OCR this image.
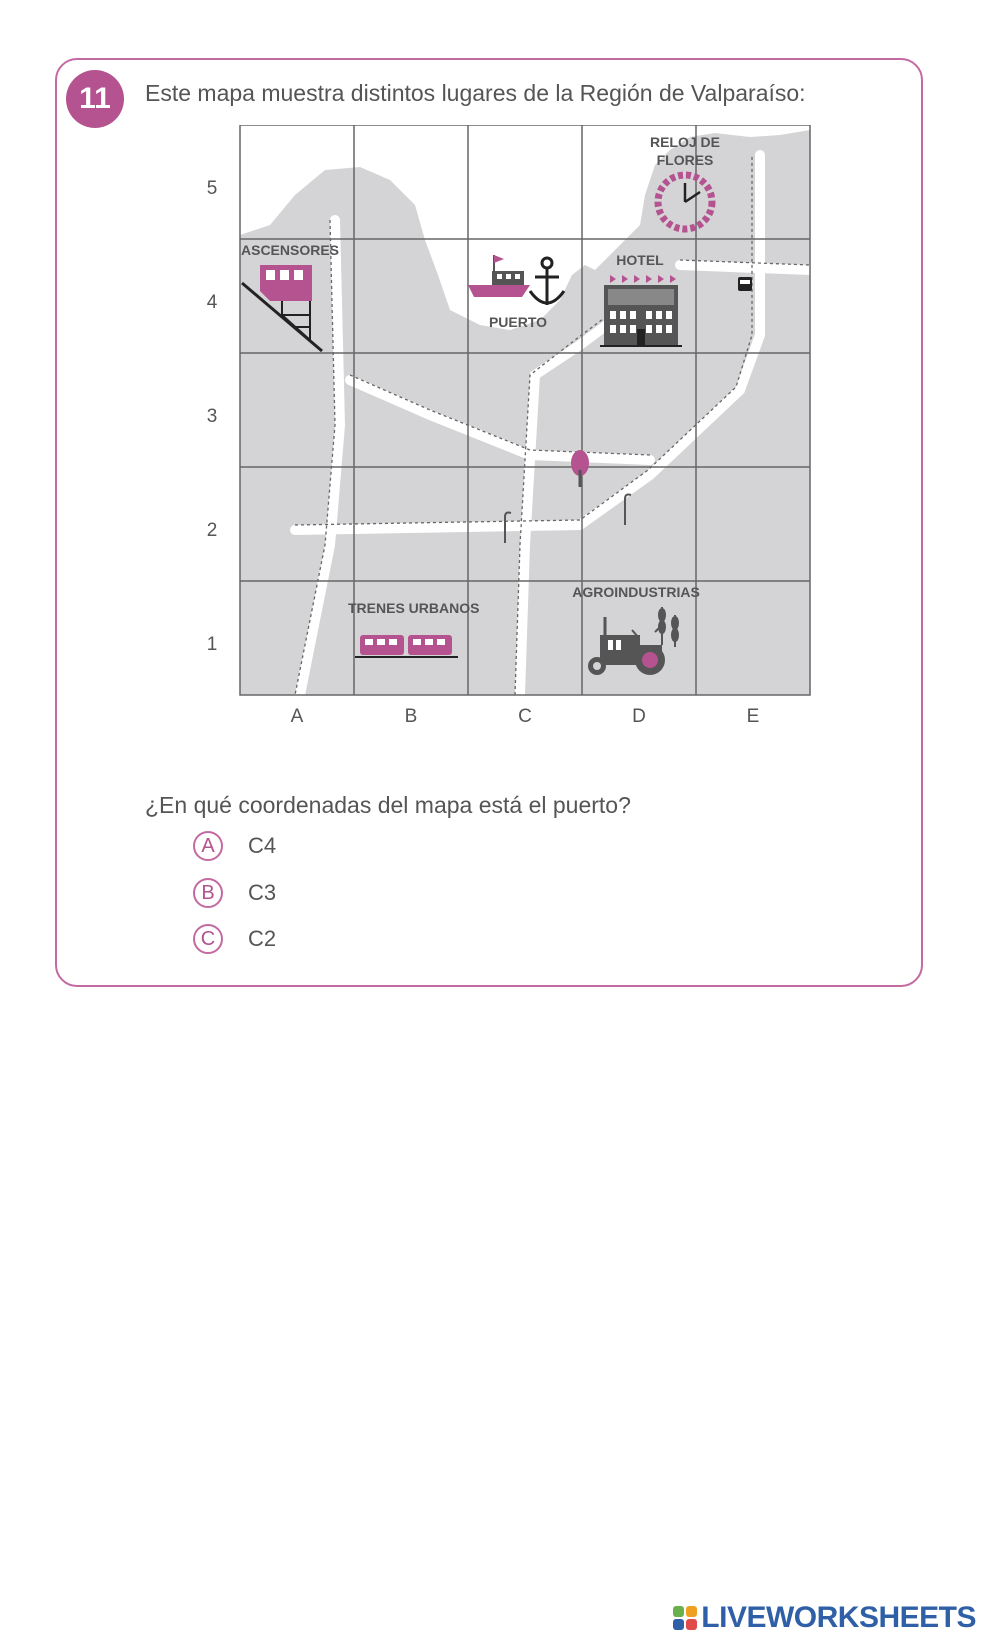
11	Este mapa muestra distintos lugares de la Región de Valparaíso:
5
4
3
2
1
A	B	C	D	E
RELOJ DE
FLORES
ASCENSORES
PUERTO
HOTEL
TRENES URBANOS
AGROINDUSTRIAS
¿En qué coordenadas del mapa está el puerto?
A	C4
B	C3
C	C2
LIVEWORKSHEETS
